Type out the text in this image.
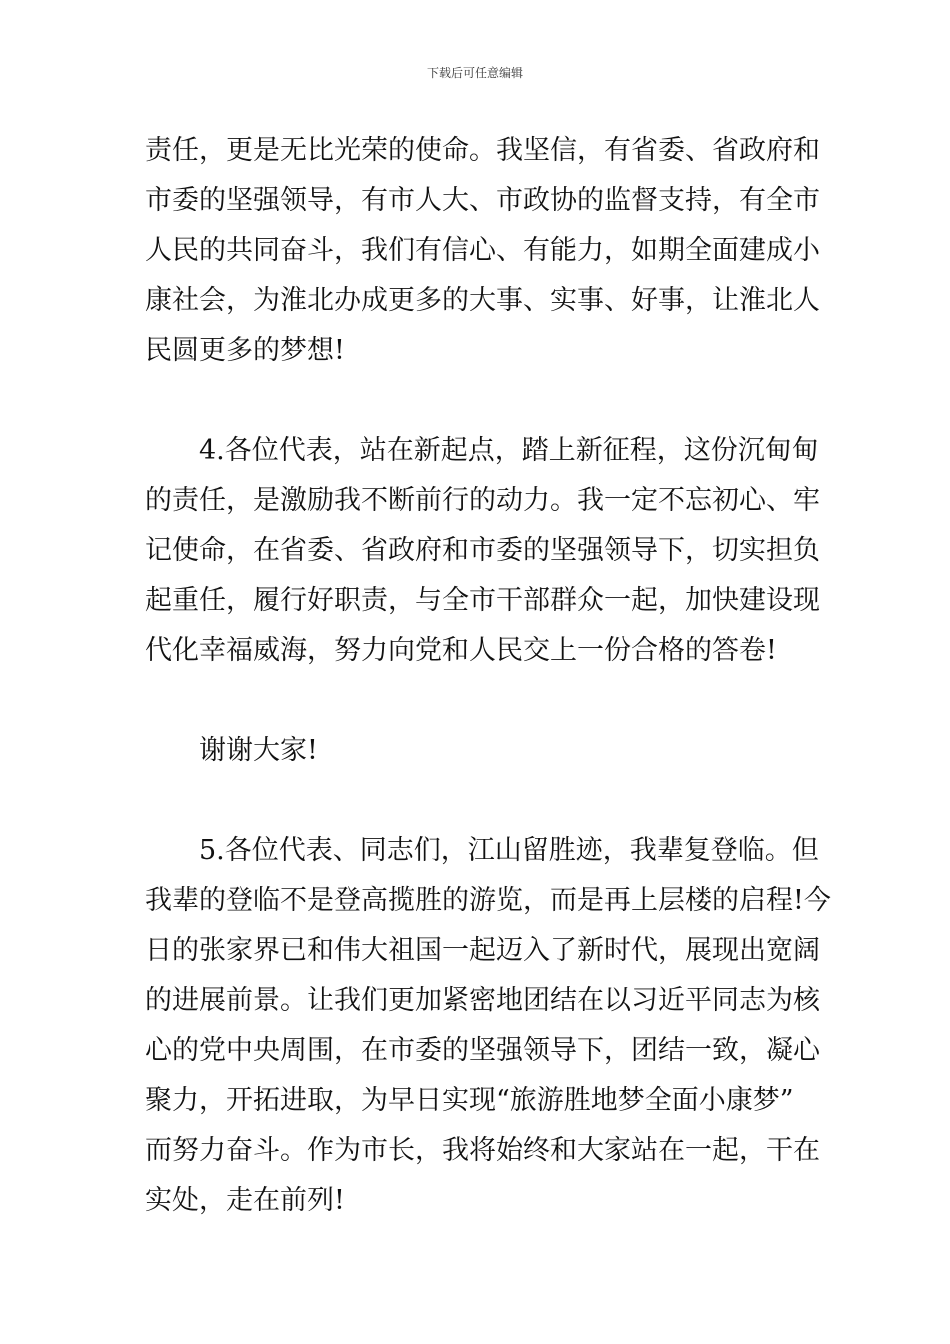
下载后可任意编辑
责任，更是无比光荣的使命。我坚信，有省委、省政府和
市委的坚强领导，有市人大、市政协的监督支持，有全市
人民的共同奋斗，我们有信心、有能力，如期全面建成小
康社会，为淮北办成更多的大事、实事、好事，让淮北人
民圆更多的梦想!
4.各位代表，站在新起点，踏上新征程，这份沉甸甸
的责任，是激励我不断前行的动力。我一定不忘初心、牢
记使命，在省委、省政府和市委的坚强领导下，切实担负
起重任，履行好职责，与全市干部群众一起，加快建设现
代化幸福威海，努力向党和人民交上一份合格的答卷!
谢谢大家!
5.各位代表、同志们，江山留胜迹，我辈复登临。但
我辈的登临不是登高揽胜的游览，而是再上层楼的启程!今
日的张家界已和伟大祖国一起迈入了新时代，展现出宽阔
的进展前景。让我们更加紧密地团结在以习近平同志为核
心的党中央周围，在市委的坚强领导下，团结一致，凝心
聚力，开拓进取，为早日实现“旅游胜地梦全面小康梦”
而努力奋斗。作为市长，我将始终和大家站在一起，干在
实处，走在前列!
